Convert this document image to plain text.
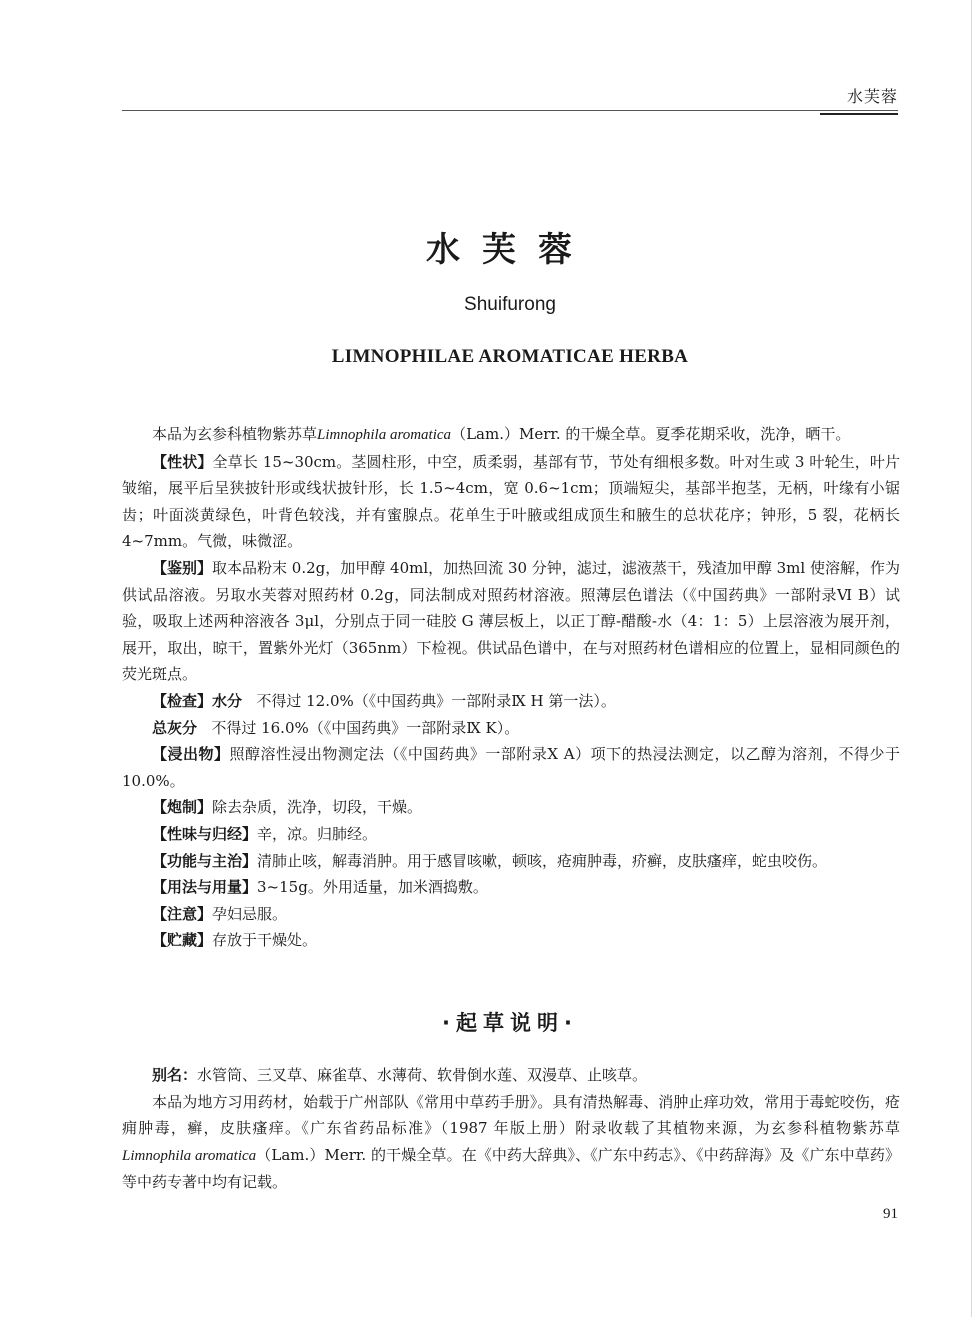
水芙蓉
水芙蓉
Shuifurong
LIMNOPHILAE AROMATICAE HERBA

本品为玄参科植物紫苏草Limnophila aromatica（Lam.）Merr. 的干燥全草。夏季花期采收，洗净，晒干。

【性状】全草长 15~30cm。茎圆柱形，中空，质柔弱，基部有节，节处有细根多数。叶对生或 3 叶轮生，叶片皱缩，展平后呈狭披针形或线状披针形，长 1.5~4cm，宽 0.6~1cm；顶端短尖，基部半抱茎，无柄，叶缘有小锯齿；叶面淡黄绿色，叶背色较浅，并有蜜腺点。花单生于叶腋或组成顶生和腋生的总状花序；钟形，5 裂，花柄长 4~7mm。气微，味微涩。

【鉴别】取本品粉末 0.2g，加甲醇 40ml，加热回流 30 分钟，滤过，滤液蒸干，残渣加甲醇 3ml 使溶解，作为供试品溶液。另取水芙蓉对照药材 0.2g，同法制成对照药材溶液。照薄层色谱法（《中国药典》一部附录Ⅵ B）试验，吸取上述两种溶液各 3μl，分别点于同一硅胶 G 薄层板上，以正丁醇-醋酸-水（4：1：5）上层溶液为展开剂，展开，取出，晾干，置紫外光灯（365nm）下检视。供试品色谱中，在与对照药材色谱相应的位置上，显相同颜色的荧光斑点。

【检查】水分 不得过 12.0%（《中国药典》一部附录Ⅸ H 第一法）。

总灰分 不得过 16.0%（《中国药典》一部附录Ⅸ K）。

【浸出物】照醇溶性浸出物测定法（《中国药典》一部附录Ⅹ A）项下的热浸法测定，以乙醇为溶剂，不得少于 10.0%。

【炮制】除去杂质，洗净，切段，干燥。

【性味与归经】辛，凉。归肺经。

【功能与主治】清肺止咳，解毒消肿。用于感冒咳嗽，顿咳，疮痈肿毒，疥癣，皮肤瘙痒，蛇虫咬伤。

【用法与用量】3~15g。外用适量，加米酒捣敷。

【注意】孕妇忌服。

【贮藏】存放于干燥处。

·起草说明·

别名：水管筒、三叉草、麻雀草、水薄荷、软骨倒水莲、双漫草、止咳草。

本品为地方习用药材，始载于广州部队《常用中草药手册》。具有清热解毒、消肿止痒功效，常用于毒蛇咬伤，疮痈肿毒，癣，皮肤瘙痒。《广东省药品标准》（1987 年版上册）附录收载了其植物来源，为玄参科植物紫苏草Limnophila aromatica（Lam.）Merr. 的干燥全草。在《中药大辞典》、《广东中药志》、《中药辞海》及《广东中草药》等中药专著中均有记载。

91
